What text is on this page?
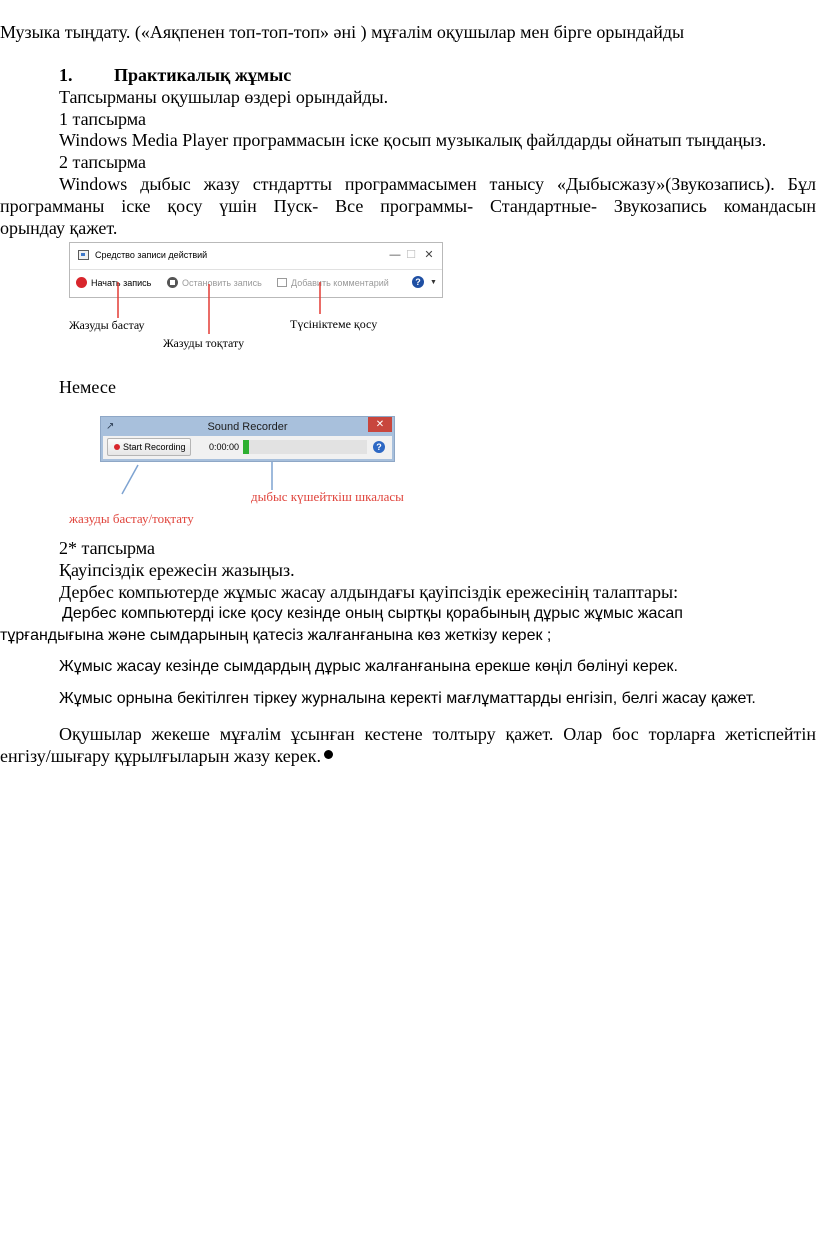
Музыка тыңдату. («Аяқпенен топ-топ-топ» әні ) мұғалім оқушылар мен бірге орындайды
1. Практикалық жұмыс
Тапсырманы оқушылар өздері орындайды.
1 тапсырма
Windows Media Player программасын іске қосып музыкалық файлдарды ойнатып тыңдаңыз.
2 тапсырма
Windows дыбыс жазу стндартты программасымен танысу «Дыбысжазу»(Звукозапись). Бұл
программаны іске қосу үшін Пуск- Все программы- Стандартные- Звукозапись командасын
орындау қажет.
Средство записи действий	— ☐ ✕
Начать запись	Остановить запись	Добавить комментарий	?	▼
Жазуды бастау
Жазуды тоқтату
Түсініктеме қосу
Немесе
↗	Sound Recorder	✕
Start Recording	0:00:00	?
дыбыс күшейткіш шкаласы
жазуды бастау/тоқтату
2* тапсырма
Қауіпсіздік ережесін жазыңыз.
Дербес компьютерде жұмыс жасау алдындағы қауіпсіздік ережесінің талаптары:
Дербес компьютерді іске қосу кезінде оның сыртқы қорабының дұрыс жұмыс жасап
тұрғандығына және сымдарының қатесіз жалғанғанына көз жеткізу керек ;
Жұмыс жасау кезінде сымдардың дұрыс жалғанғанына ерекше көңіл бөлінуі керек.
Жұмыс орнына бекітілген тіркеу журналына керекті мағлұматтарды енгізіп, белгі жасау қажет.
Оқушылар жекеше мұғалім ұсынған кестене толтыру қажет. Олар бос торларға жетіспейтін
енгізу/шығару құрылғыларын жазу керек.
